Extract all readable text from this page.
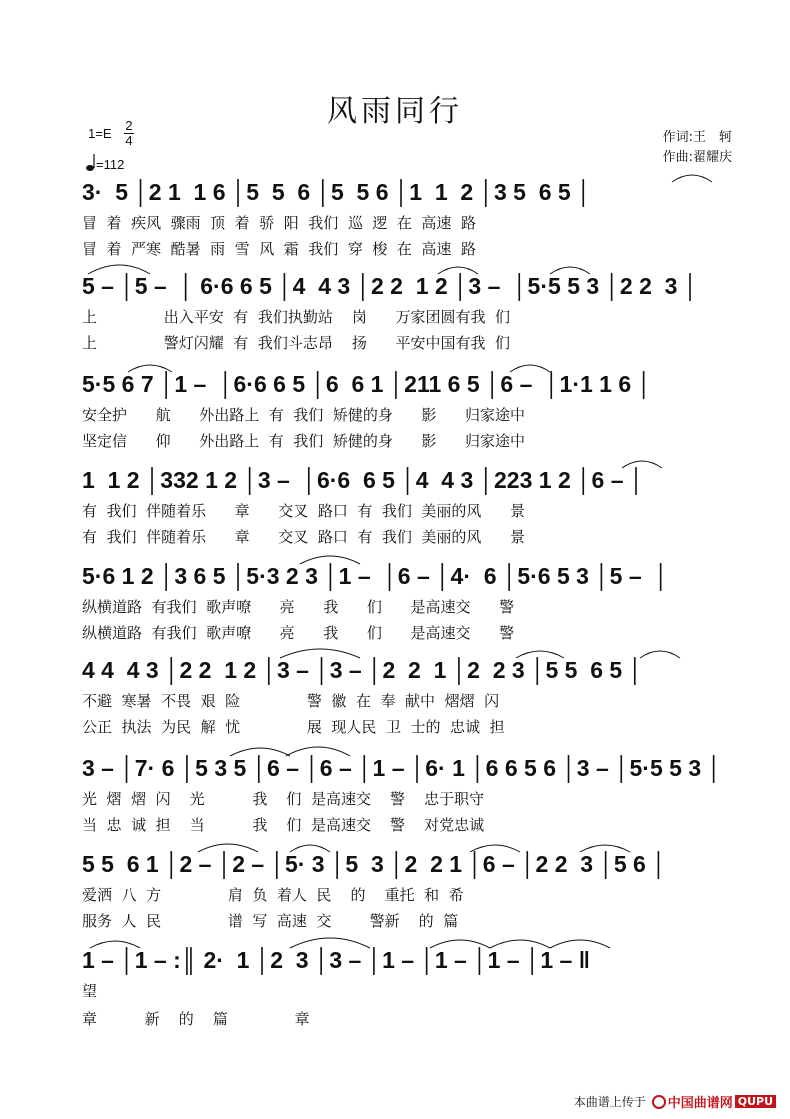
风雨同行
1=E
2
4
=112
作词:王　轲
作曲:翟耀庆
3·  5 │2 1  1 6 │5  5  6 │5  5 6 │1  1  2 │3 5  6 5 │
冒  着  疾风  骤雨  顶  着  骄  阳  我们  巡  逻  在  高速  路
冒  着  严寒  酷暑  雨  雪  风  霜  我们  穿  梭  在  高速  路
5 – │5 –  │ 6·6 6 5 │4  4 3 │2 2  1 2 │3 –  │5·5 5 3 │2 2  3 │
上              出入平安  有  我们执勤站    岗      万家团圆有我  们
上              警灯闪耀  有  我们斗志昂    扬      平安中国有我  们
5·5 6 7 │1 –  │6·6 6 5 │6  6 1 │211 6 5 │6 –  │1·1 1 6 │
安全护      航      外出路上  有  我们  矫健的身      影      归家途中
坚定信      仰      外出路上  有  我们  矫健的身      影      归家途中
1  1 2 │332 1 2 │3 –  │6·6  6 5 │4  4 3 │223 1 2 │6 – │
有  我们  伴随着乐      章      交叉  路口  有  我们  美丽的风      景
有  我们  伴随着乐      章      交叉  路口  有  我们  美丽的风      景
5·6 1 2 │3 6 5 │5·3 2 3 │1 –  │6 – │4·  6 │5·6 5 3 │5 –  │
纵横道路  有我们  歌声嘹      亮      我      们      是高速交      警
纵横道路  有我们  歌声嘹      亮      我      们      是高速交      警
4 4  4 3 │2 2  1 2 │3 – │3 – │2  2  1 │2  2 3 │5 5  6 5 │
不避  寒暑  不畏  艰  险              警  徽  在  奉  献中  熠熠  闪
公正  执法  为民  解  忧              展  现人民  卫  士的  忠诚  担
3 – │7· 6 │5 3 5 │6 – │6 – │1 – │6· 1 │6 6 5 6 │3 – │5·5 5 3 │
光  熠  熠  闪    光          我    们  是高速交    警    忠于职守
当  忠  诚  担    当          我    们  是高速交    警    对党忠诚
5 5  6 1 │2 – │2 – │5· 3 │5  3 │2  2 1 │6 – │2 2  3 │5 6 │
爱洒  八  方              肩  负  着人  民    的    重托  和  希
服务  人  民              谱  写  高速  交        警新    的  篇
1 – │1 – :║ 2·  1 │2  3 │3 – │1 – │1 – │1 – │1 – ‖
望
章          新    的    篇              章
本曲谱上传于 中国曲谱网 QUPU
